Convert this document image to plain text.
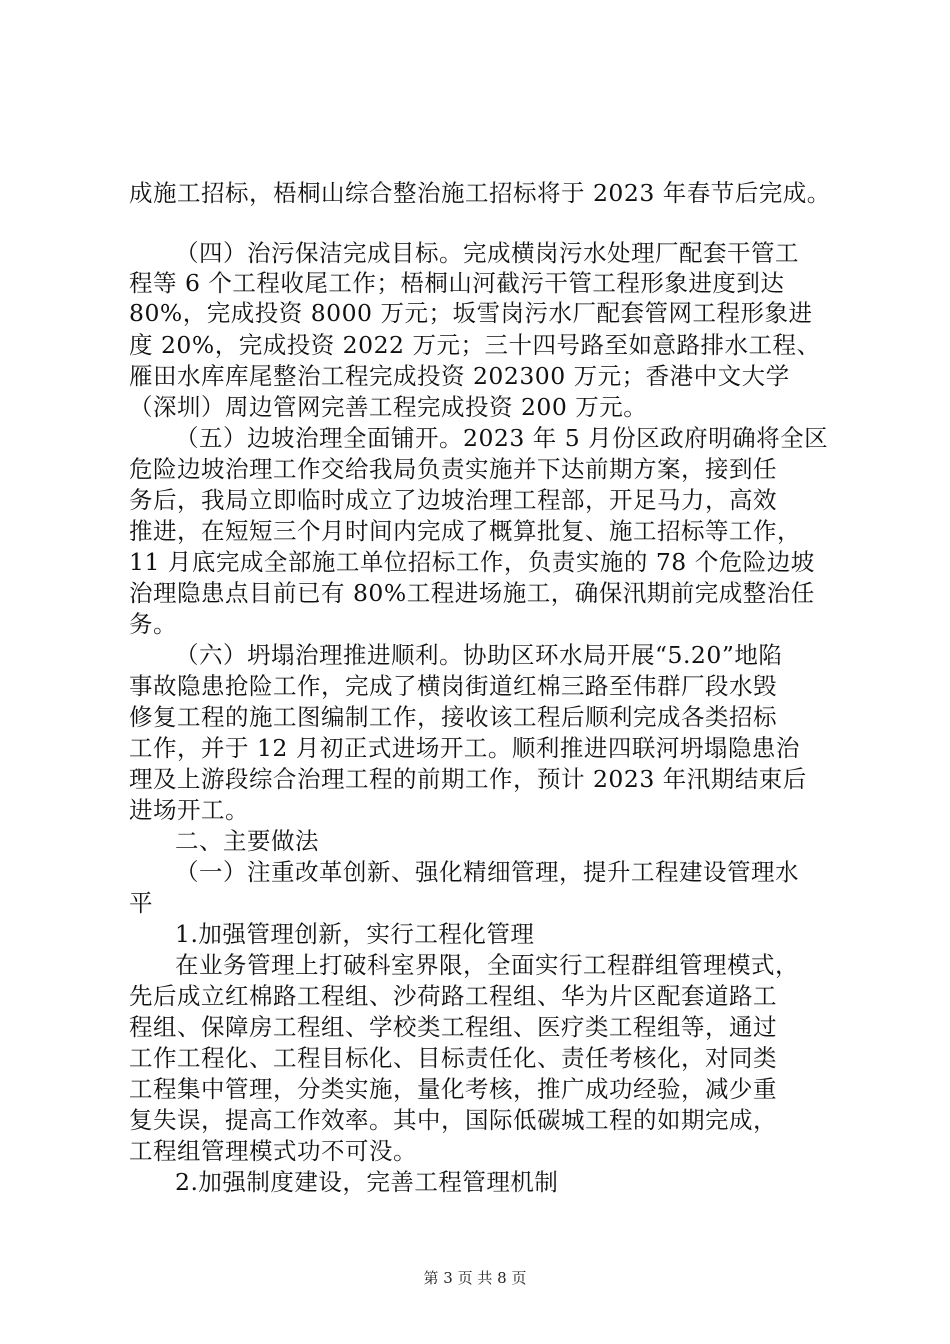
成施工招标，梧桐山综合整治施工招标将于 2023 年春节后完成。
（四）治污保洁完成目标。完成横岗污水处理厂配套干管工
程等 6 个工程收尾工作；梧桐山河截污干管工程形象进度到达
80%，完成投资 8000 万元；坂雪岗污水厂配套管网工程形象进
度 20%，完成投资 2022 万元；三十四号路至如意路排水工程、
雁田水库库尾整治工程完成投资 202300 万元；香港中文大学
（深圳）周边管网完善工程完成投资 200 万元。
（五）边坡治理全面铺开。2023 年 5 月份区政府明确将全区
危险边坡治理工作交给我局负责实施并下达前期方案，接到任
务后，我局立即临时成立了边坡治理工程部，开足马力，高效
推进，在短短三个月时间内完成了概算批复、施工招标等工作，
11 月底完成全部施工单位招标工作，负责实施的 78 个危险边坡
治理隐患点目前已有 80%工程进场施工，确保汛期前完成整治任
务。
（六）坍塌治理推进顺利。协助区环水局开展“5.20”地陷
事故隐患抢险工作，完成了横岗街道红棉三路至伟群厂段水毁
修复工程的施工图编制工作，接收该工程后顺利完成各类招标
工作，并于 12 月初正式进场开工。顺利推进四联河坍塌隐患治
理及上游段综合治理工程的前期工作，预计 2023 年汛期结束后
进场开工。
二、主要做法
（一）注重改革创新、强化精细管理，提升工程建设管理水
平
1.加强管理创新，实行工程化管理
在业务管理上打破科室界限，全面实行工程群组管理模式，
先后成立红棉路工程组、沙荷路工程组、华为片区配套道路工
程组、保障房工程组、学校类工程组、医疗类工程组等，通过
工作工程化、工程目标化、目标责任化、责任考核化，对同类
工程集中管理，分类实施，量化考核，推广成功经验，减少重
复失误，提高工作效率。其中，国际低碳城工程的如期完成，
工程组管理模式功不可没。
2.加强制度建设，完善工程管理机制
第 3 页 共 8 页
